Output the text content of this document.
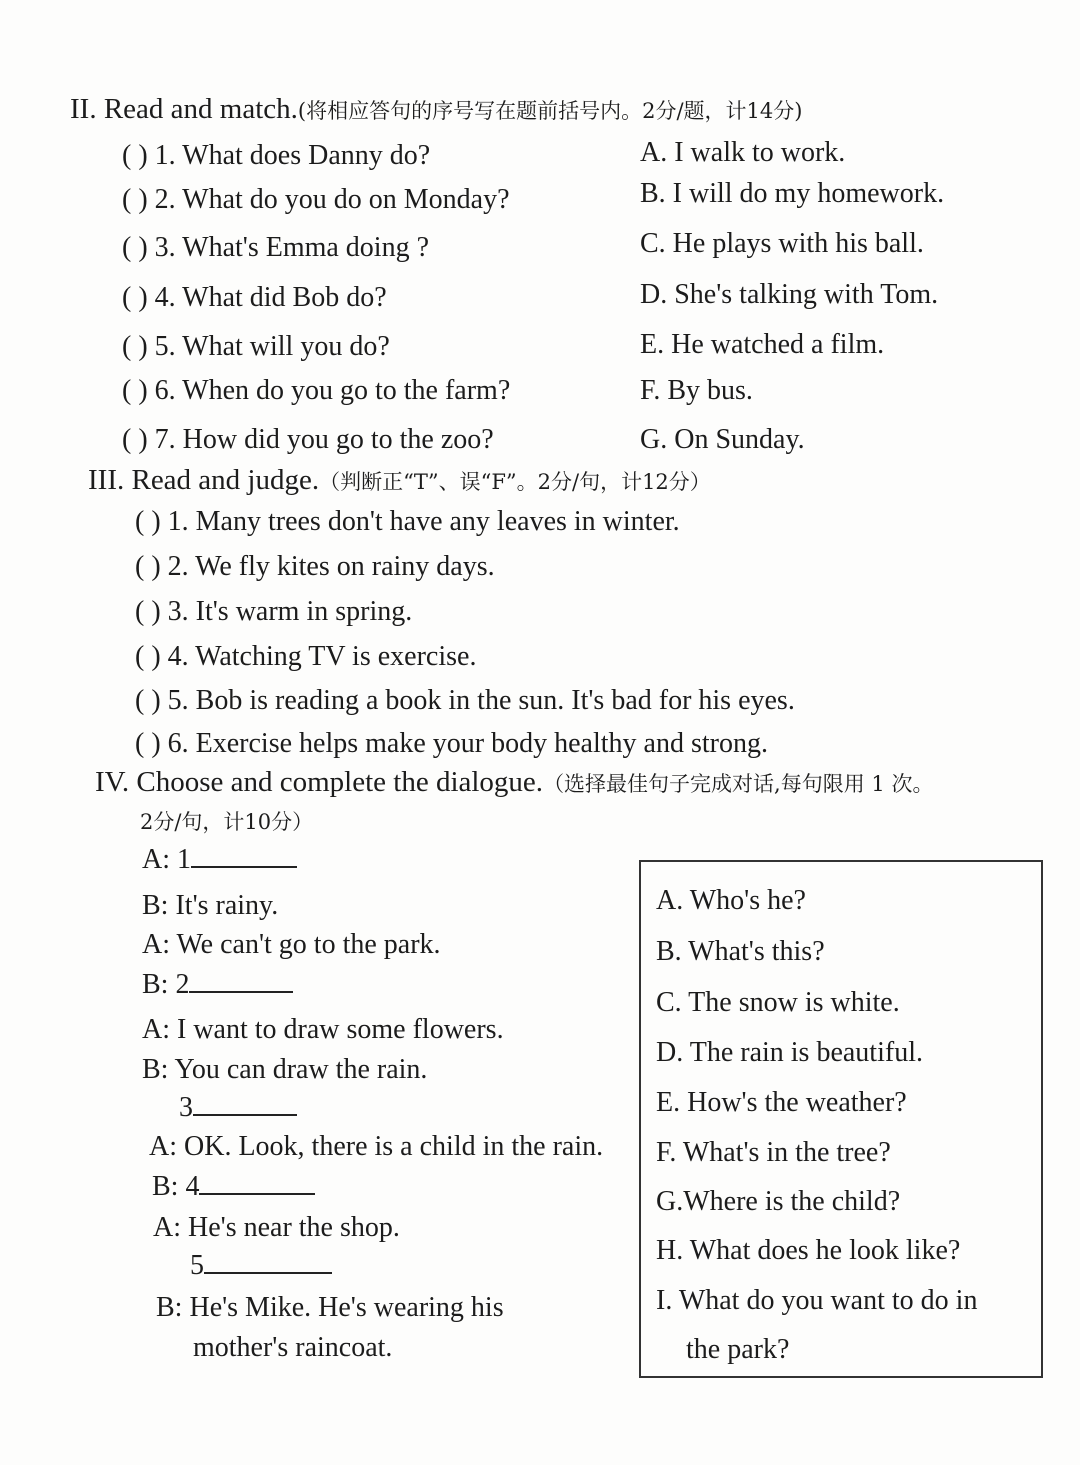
II. Read and match.(将相应答句的序号写在题前括号内。2分/题，计14分)
( ) 1. What does Danny do?
( ) 2. What do you do on Monday?
( ) 3. What's Emma doing ?
( ) 4. What did Bob do?
( ) 5. What will you do?
( ) 6. When do you go to the farm?
( ) 7. How did you go to the zoo?
A. I walk to work.
B. I will do my homework.
C. He plays with his ball.
D. She's talking with Tom.
E. He watched a film.
F. By bus.
G. On Sunday.
III. Read and judge.（判断正“T”、误“F”。2分/句，计12分）
( ) 1. Many trees don't have any leaves in winter.
( ) 2. We fly kites on rainy days.
( ) 3. It's warm in spring.
( ) 4. Watching TV is exercise.
( ) 5. Bob is reading a book in the sun. It's bad for his eyes.
( ) 6. Exercise helps make your body healthy and strong.
IV. Choose and complete the dialogue.（选择最佳句子完成对话,每句限用 1 次。
2分/句，计10分）
A: 1
B: It's rainy.
A: We can't go to the park.
B: 2
A: I want to draw some flowers.
B: You can draw the rain.
3
A: OK. Look, there is a child in the rain.
B: 4
A: He's near the shop.
5
B: He's Mike. He's wearing his
mother's raincoat.
A. Who's he?
B. What's this?
C. The snow is white.
D. The rain is beautiful.
E. How's the weather?
F. What's in the tree?
G.Where is the child?
H. What does he look like?
I. What do you want to do in
the park?
